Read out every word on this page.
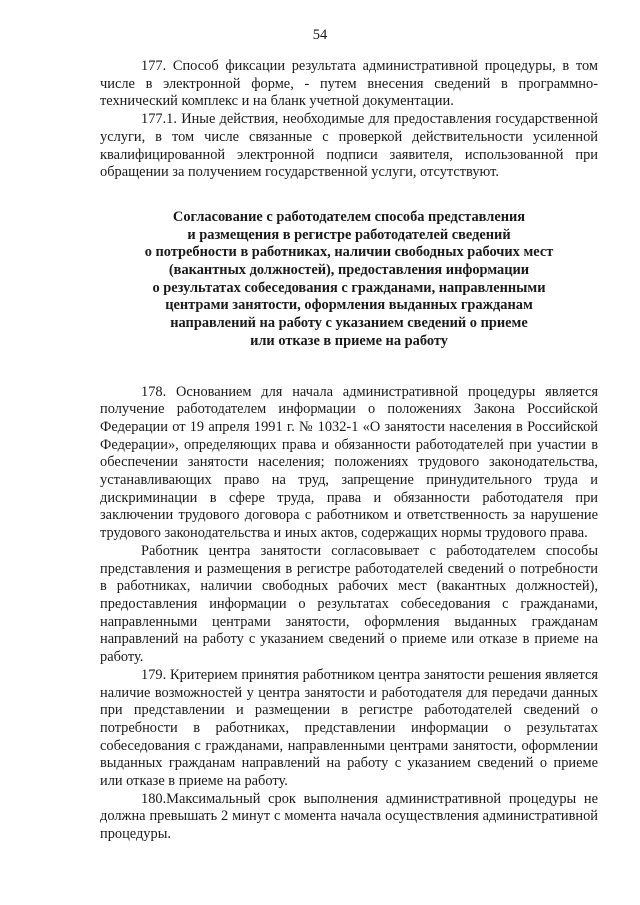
54

177. Способ фиксации результата административной процедуры, в том числе в электронной форме, - путем внесения сведений в программно-технический комплекс и на бланк учетной документации.

177.1. Иные действия, необходимые для предоставления государственной услуги, в том числе связанные с проверкой действительности усиленной квалифицированной электронной подписи заявителя, использованной при обращении за получением государственной услуги, отсутствуют.

Согласование с работодателем способа представления
и размещения в регистре работодателей сведений
о потребности в работниках, наличии свободных рабочих мест
(вакантных должностей), предоставления информации
о результатах собеседования с гражданами, направленными
центрами занятости, оформления выданных гражданам
направлений на работу с указанием сведений о приеме
или отказе в приеме на работу

178. Основанием для начала административной процедуры является получение работодателем информации о положениях Закона Российской Федерации от 19 апреля 1991 г. № 1032-1 «О занятости населения в Российской Федерации», определяющих права и обязанности работодателей при участии в обеспечении занятости населения; положениях трудового законодательства, устанавливающих право на труд, запрещение принудительного труда и дискриминации в сфере труда, права и обязанности работодателя при заключении трудового договора с работником и ответственность за нарушение трудового законодательства и иных актов, содержащих нормы трудового права.

Работник центра занятости согласовывает с работодателем способы представления и размещения в регистре работодателей сведений о потребности в работниках, наличии свободных рабочих мест (вакантных должностей), предоставления информации о результатах собеседования с гражданами, направленными центрами занятости, оформления выданных гражданам направлений на работу с указанием сведений о приеме или отказе в приеме на работу.

179. Критерием принятия работником центра занятости решения является наличие возможностей у центра занятости и работодателя для передачи данных при представлении и размещении в регистре работодателей сведений о потребности в работниках, представлении информации о результатах собеседования с гражданами, направленными центрами занятости, оформлении выданных гражданам направлений на работу с указанием сведений о приеме или отказе в приеме на работу.

180.Максимальный срок выполнения административной процедуры не должна превышать 2 минут с момента начала осуществления административной процедуры.
